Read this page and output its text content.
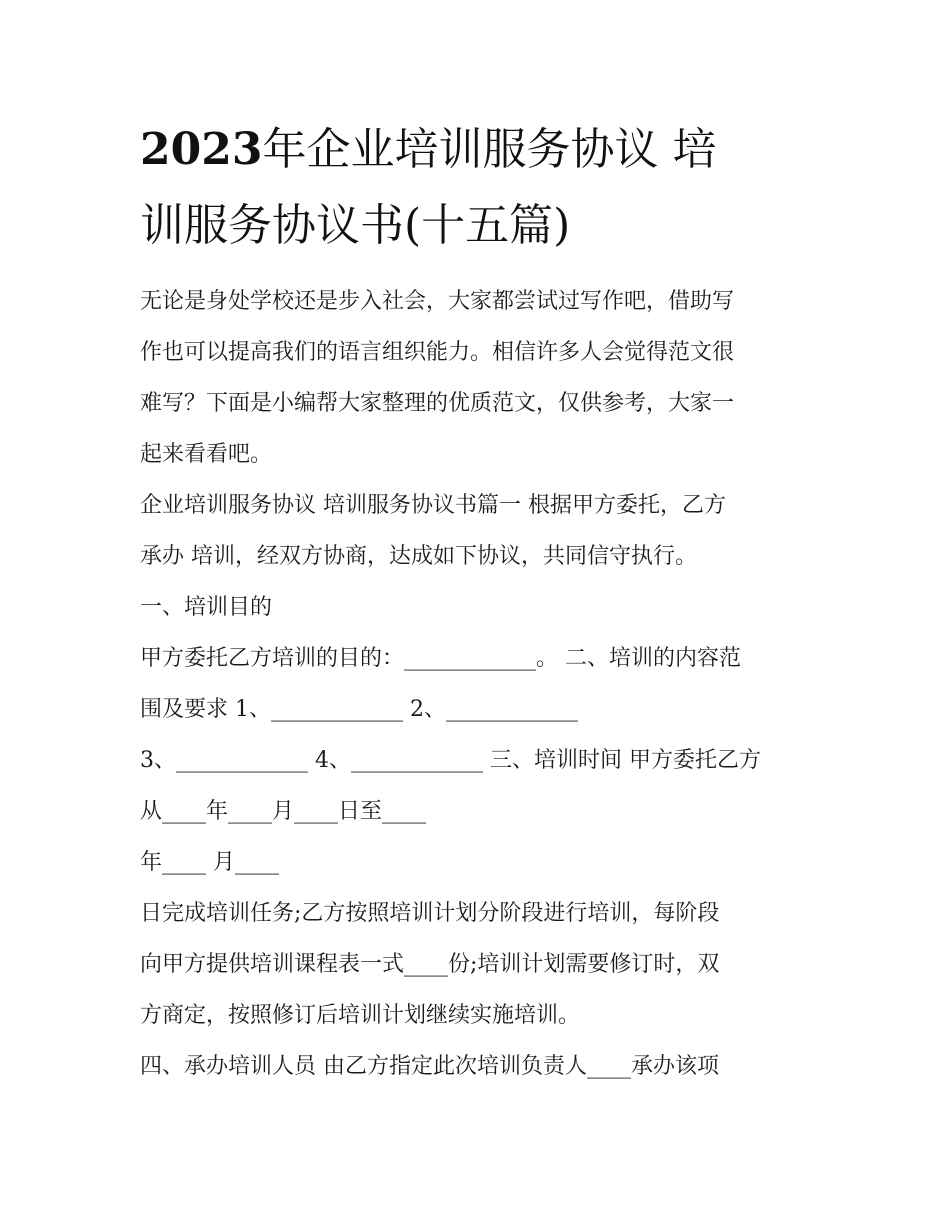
2023年企业培训服务协议 培
训服务协议书(十五篇)

无论是身处学校还是步入社会，大家都尝试过写作吧，借助写
作也可以提高我们的语言组织能力。相信许多人会觉得范文很
难写？下面是小编帮大家整理的优质范文，仅供参考，大家一
起来看看吧。

企业培训服务协议 培训服务协议书篇一 根据甲方委托，乙方
承办 培训，经双方协商，达成如下协议，共同信守执行。

一、培训目的

甲方委托乙方培训的目的：____________。 二、培训的内容范
围及要求 1、____________ 2、____________

3、____________ 4、____________ 三、培训时间 甲方委托乙方
从____年____月____日至____

年____ 月____

日完成培训任务;乙方按照培训计划分阶段进行培训，每阶段
向甲方提供培训课程表一式____份;培训计划需要修订时，双
方商定，按照修订后培训计划继续实施培训。

四、承办培训人员 由乙方指定此次培训负责人____承办该项
